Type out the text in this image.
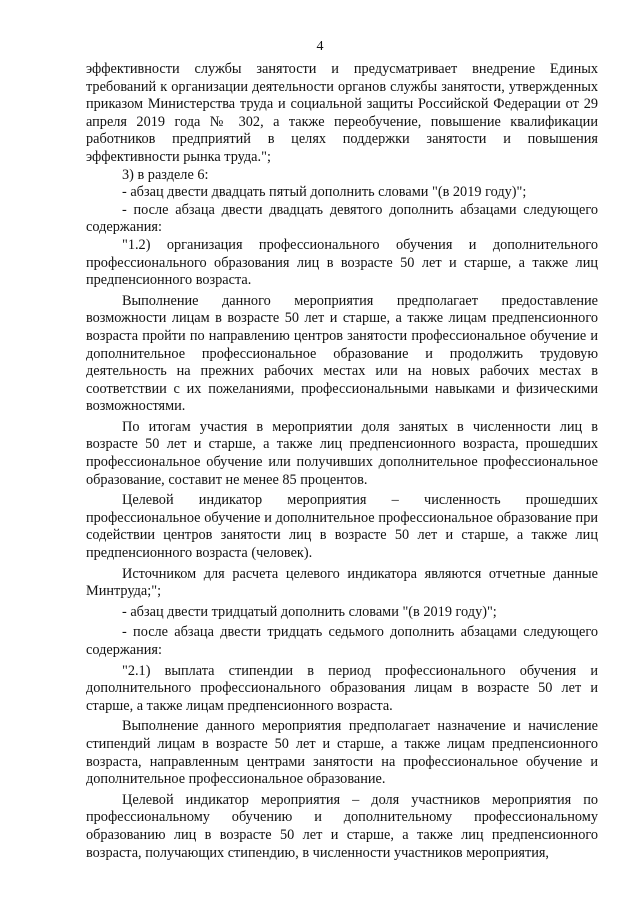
4

эффективности службы занятости и предусматривает внедрение Единых требований к организации деятельности органов службы занятости, утвержденных приказом Министерства труда и социальной защиты Российской Федерации от 29 апреля 2019 года № 302, а также переобучение, повышение квалификации работников предприятий в целях поддержки занятости и повышения эффективности рынка труда.";

3) в разделе 6:

- абзац двести двадцать пятый дополнить словами "(в 2019 году)";

- после абзаца двести двадцать девятого дополнить абзацами следующего содержания:

"1.2) организация профессионального обучения и дополнительного профессионального образования лиц в возрасте 50 лет и старше, а также лиц предпенсионного возраста.

Выполнение данного мероприятия предполагает предоставление возможности лицам в возрасте 50 лет и старше, а также лицам предпенсионного возраста пройти по направлению центров занятости профессиональное обучение и дополнительное профессиональное образование и продолжить трудовую деятельность на прежних рабочих местах или на новых рабочих местах в соответствии с их пожеланиями, профессиональными навыками и физическими возможностями.

По итогам участия в мероприятии доля занятых в численности лиц в возрасте 50 лет и старше, а также лиц предпенсионного возраста, прошедших профессиональное обучение или получивших дополнительное профессиональное образование, составит не менее 85 процентов.

Целевой индикатор мероприятия – численность прошедших профессиональное обучение и дополнительное профессиональное образование при содействии центров занятости лиц в возрасте 50 лет и старше, а также лиц предпенсионного возраста (человек).

Источником для расчета целевого индикатора являются отчетные данные Минтруда;";

- абзац двести тридцатый дополнить словами "(в 2019 году)";

- после абзаца двести тридцать седьмого дополнить абзацами следующего содержания:

"2.1) выплата стипендии в период профессионального обучения и дополнительного профессионального образования лицам в возрасте 50 лет и старше, а также лицам предпенсионного возраста.

Выполнение данного мероприятия предполагает назначение и начисление стипендий лицам в возрасте 50 лет и старше, а также лицам предпенсионного возраста, направленным центрами занятости на профессиональное обучение и дополнительное профессиональное образование.

Целевой индикатор мероприятия – доля участников мероприятия по профессиональному обучению и дополнительному профессиональному образованию лиц в возрасте 50 лет и старше, а также лиц предпенсионного возраста, получающих стипендию, в численности участников мероприятия,
